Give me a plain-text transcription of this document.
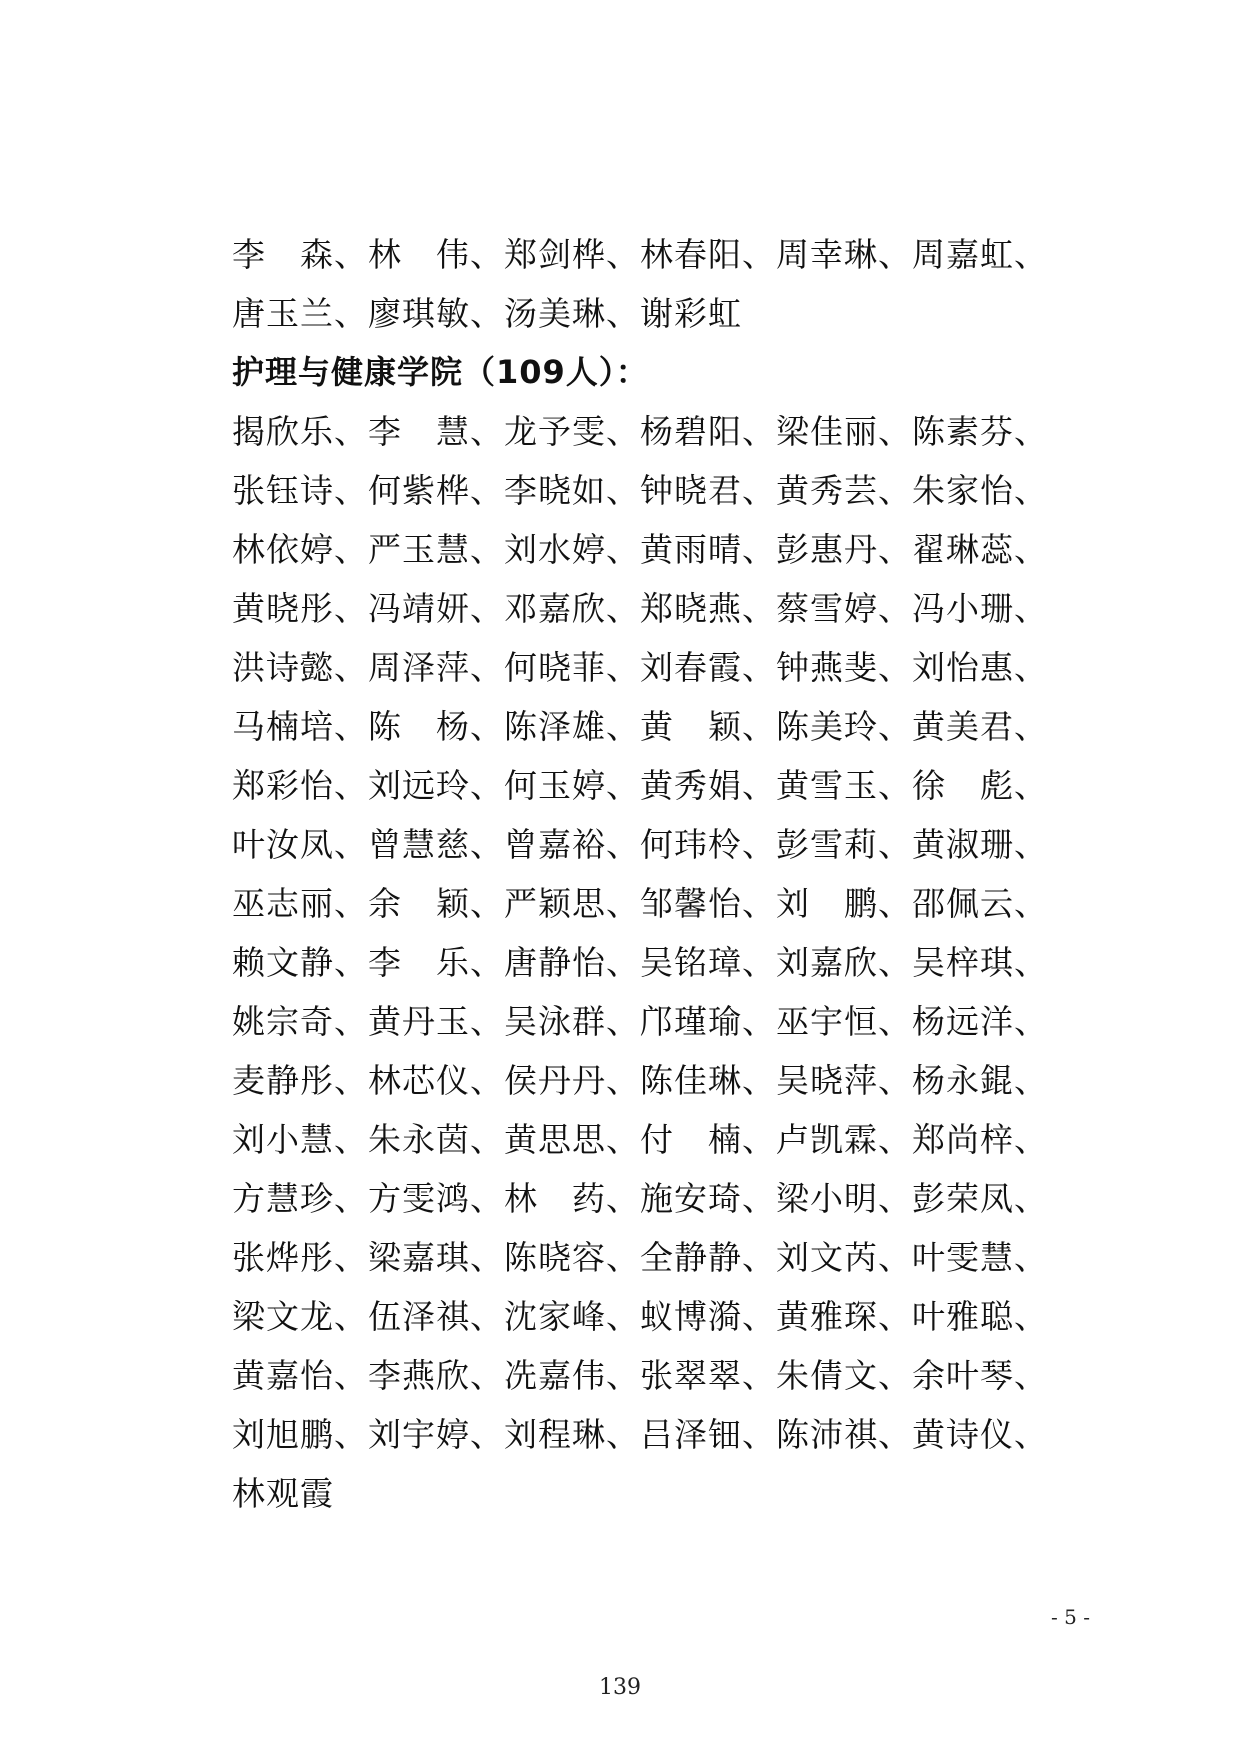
李　森、林　伟、郑剑桦、林春阳、周幸琳、周嘉虹、
唐玉兰、廖琪敏、汤美琳、谢彩虹
护理与健康学院（109人）：
揭欣乐、李　慧、龙予雯、杨碧阳、梁佳丽、陈素芬、
张钰诗、何紫桦、李晓如、钟晓君、黄秀芸、朱家怡、
林依婷、严玉慧、刘水婷、黄雨晴、彭惠丹、翟琳蕊、
黄晓彤、冯靖妍、邓嘉欣、郑晓燕、蔡雪婷、冯小珊、
洪诗懿、周泽萍、何晓菲、刘春霞、钟燕斐、刘怡惠、
马楠培、陈　杨、陈泽雄、黄　颖、陈美玲、黄美君、
郑彩怡、刘远玲、何玉婷、黄秀娟、黄雪玉、徐　彪、
叶汝凤、曾慧慈、曾嘉裕、何玮柃、彭雪莉、黄淑珊、
巫志丽、余　颖、严颖思、邹馨怡、刘　鹏、邵佩云、
赖文静、李　乐、唐静怡、吴铭璋、刘嘉欣、吴梓琪、
姚宗奇、黄丹玉、吴泳群、邝瑾瑜、巫宇恒、杨远洋、
麦静彤、林芯仪、侯丹丹、陈佳琳、吴晓萍、杨永錕、
刘小慧、朱永茵、黄思思、付　楠、卢凯霖、郑尚梓、
方慧珍、方雯鸿、林　药、施安琦、梁小明、彭荣凤、
张烨彤、梁嘉琪、陈晓容、全静静、刘文芮、叶雯慧、
梁文龙、伍泽祺、沈家峰、蚁博漪、黄雅琛、叶雅聪、
黄嘉怡、李燕欣、冼嘉伟、张翠翠、朱倩文、余叶琴、
刘旭鹏、刘宇婷、刘程琳、吕泽钿、陈沛祺、黄诗仪、
林观霞
- 5 -
139
